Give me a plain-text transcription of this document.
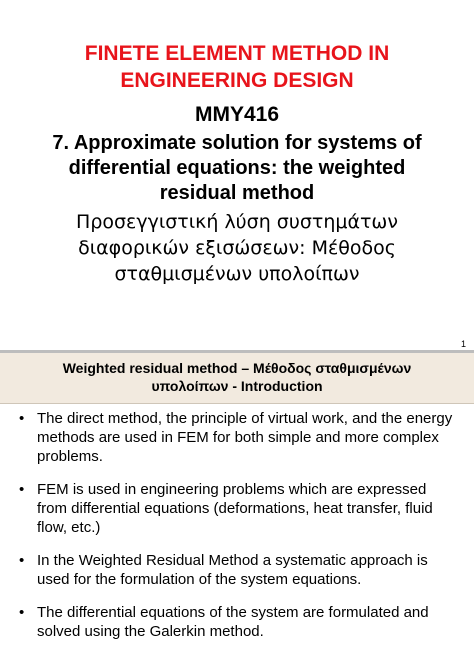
FINETE ELEMENT METHOD IN
ENGINEERING DESIGN
MMY416
7. Approximate solution for systems of
differential equations: the weighted
residual method
Προσεγγιστική λύση συστημάτων
διαφορικών εξισώσεων: Μέθοδος
σταθμισμένων υπολοίπων
1
Weighted residual method – Μέθοδος σταθμισμένων
υπολοίπων - Introduction
• The direct method, the principle of virtual work, and the energy methods are used in FEM for both simple and more complex problems.
• FEM is used in engineering problems which are expressed from differential equations (deformations, heat transfer, fluid flow, etc.)
• In the Weighted Residual Method a systematic approach is used for the formulation of the system equations.
• The differential equations of the system are formulated and solved using the Galerkin method.
